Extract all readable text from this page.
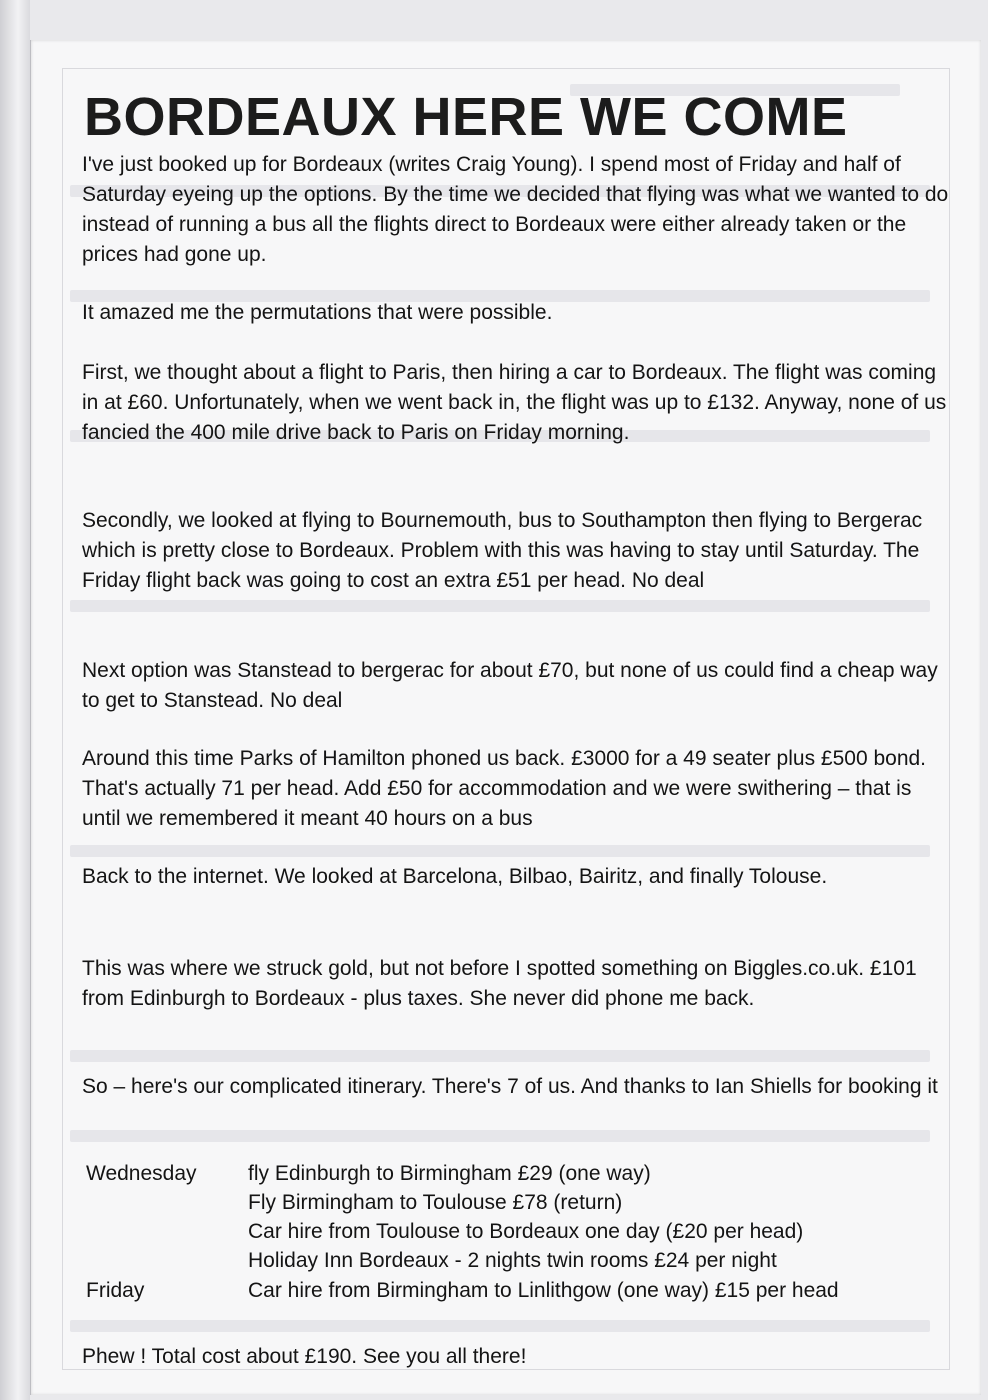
BORDEAUX HERE WE COME

I've just booked up for Bordeaux (writes Craig Young). I spend most of Friday and half of Saturday eyeing up the options. By the time we decided that flying was what we wanted to do instead of running a bus all the flights direct to Bordeaux were either already taken or the prices had gone up.

It amazed me the permutations that were possible.

First, we thought about a flight to Paris, then hiring a car to Bordeaux. The flight was coming in at £60. Unfortunately, when we went back in, the flight was up to £132. Anyway, none of us fancied the 400 mile drive back to Paris on Friday morning.

Secondly, we looked at flying to Bournemouth, bus to Southampton then flying to Bergerac which is pretty close to Bordeaux. Problem with this was having to stay until Saturday. The Friday flight back was going to cost an extra £51 per head. No deal

Next option was Stanstead to bergerac for about £70, but none of us could find a cheap way to get to Stanstead. No deal

Around this time Parks of Hamilton phoned us back. £3000 for a 49 seater plus £500 bond. That's actually 71 per head. Add £50 for accommodation and we were swithering – that is until we remembered it meant 40 hours on a bus

Back to the internet. We looked at Barcelona, Bilbao, Bairitz, and finally Tolouse.

This was where we struck gold, but not before I spotted something on Biggles.co.uk. £101 from Edinburgh to Bordeaux - plus taxes. She never did phone me back.

So – here's our complicated itinerary. There's 7 of us. And thanks to Ian Shiells for booking it

Wednesday fly Edinburgh to Birmingham £29 (one way)
Fly Birmingham to Toulouse £78 (return)
Car hire from Toulouse to Bordeaux one day (£20 per head)
Holiday Inn Bordeaux - 2 nights twin rooms £24 per night
Friday	Car hire from Birmingham to Linlithgow (one way) £15 per head

Phew ! Total cost about £190. See you all there!
